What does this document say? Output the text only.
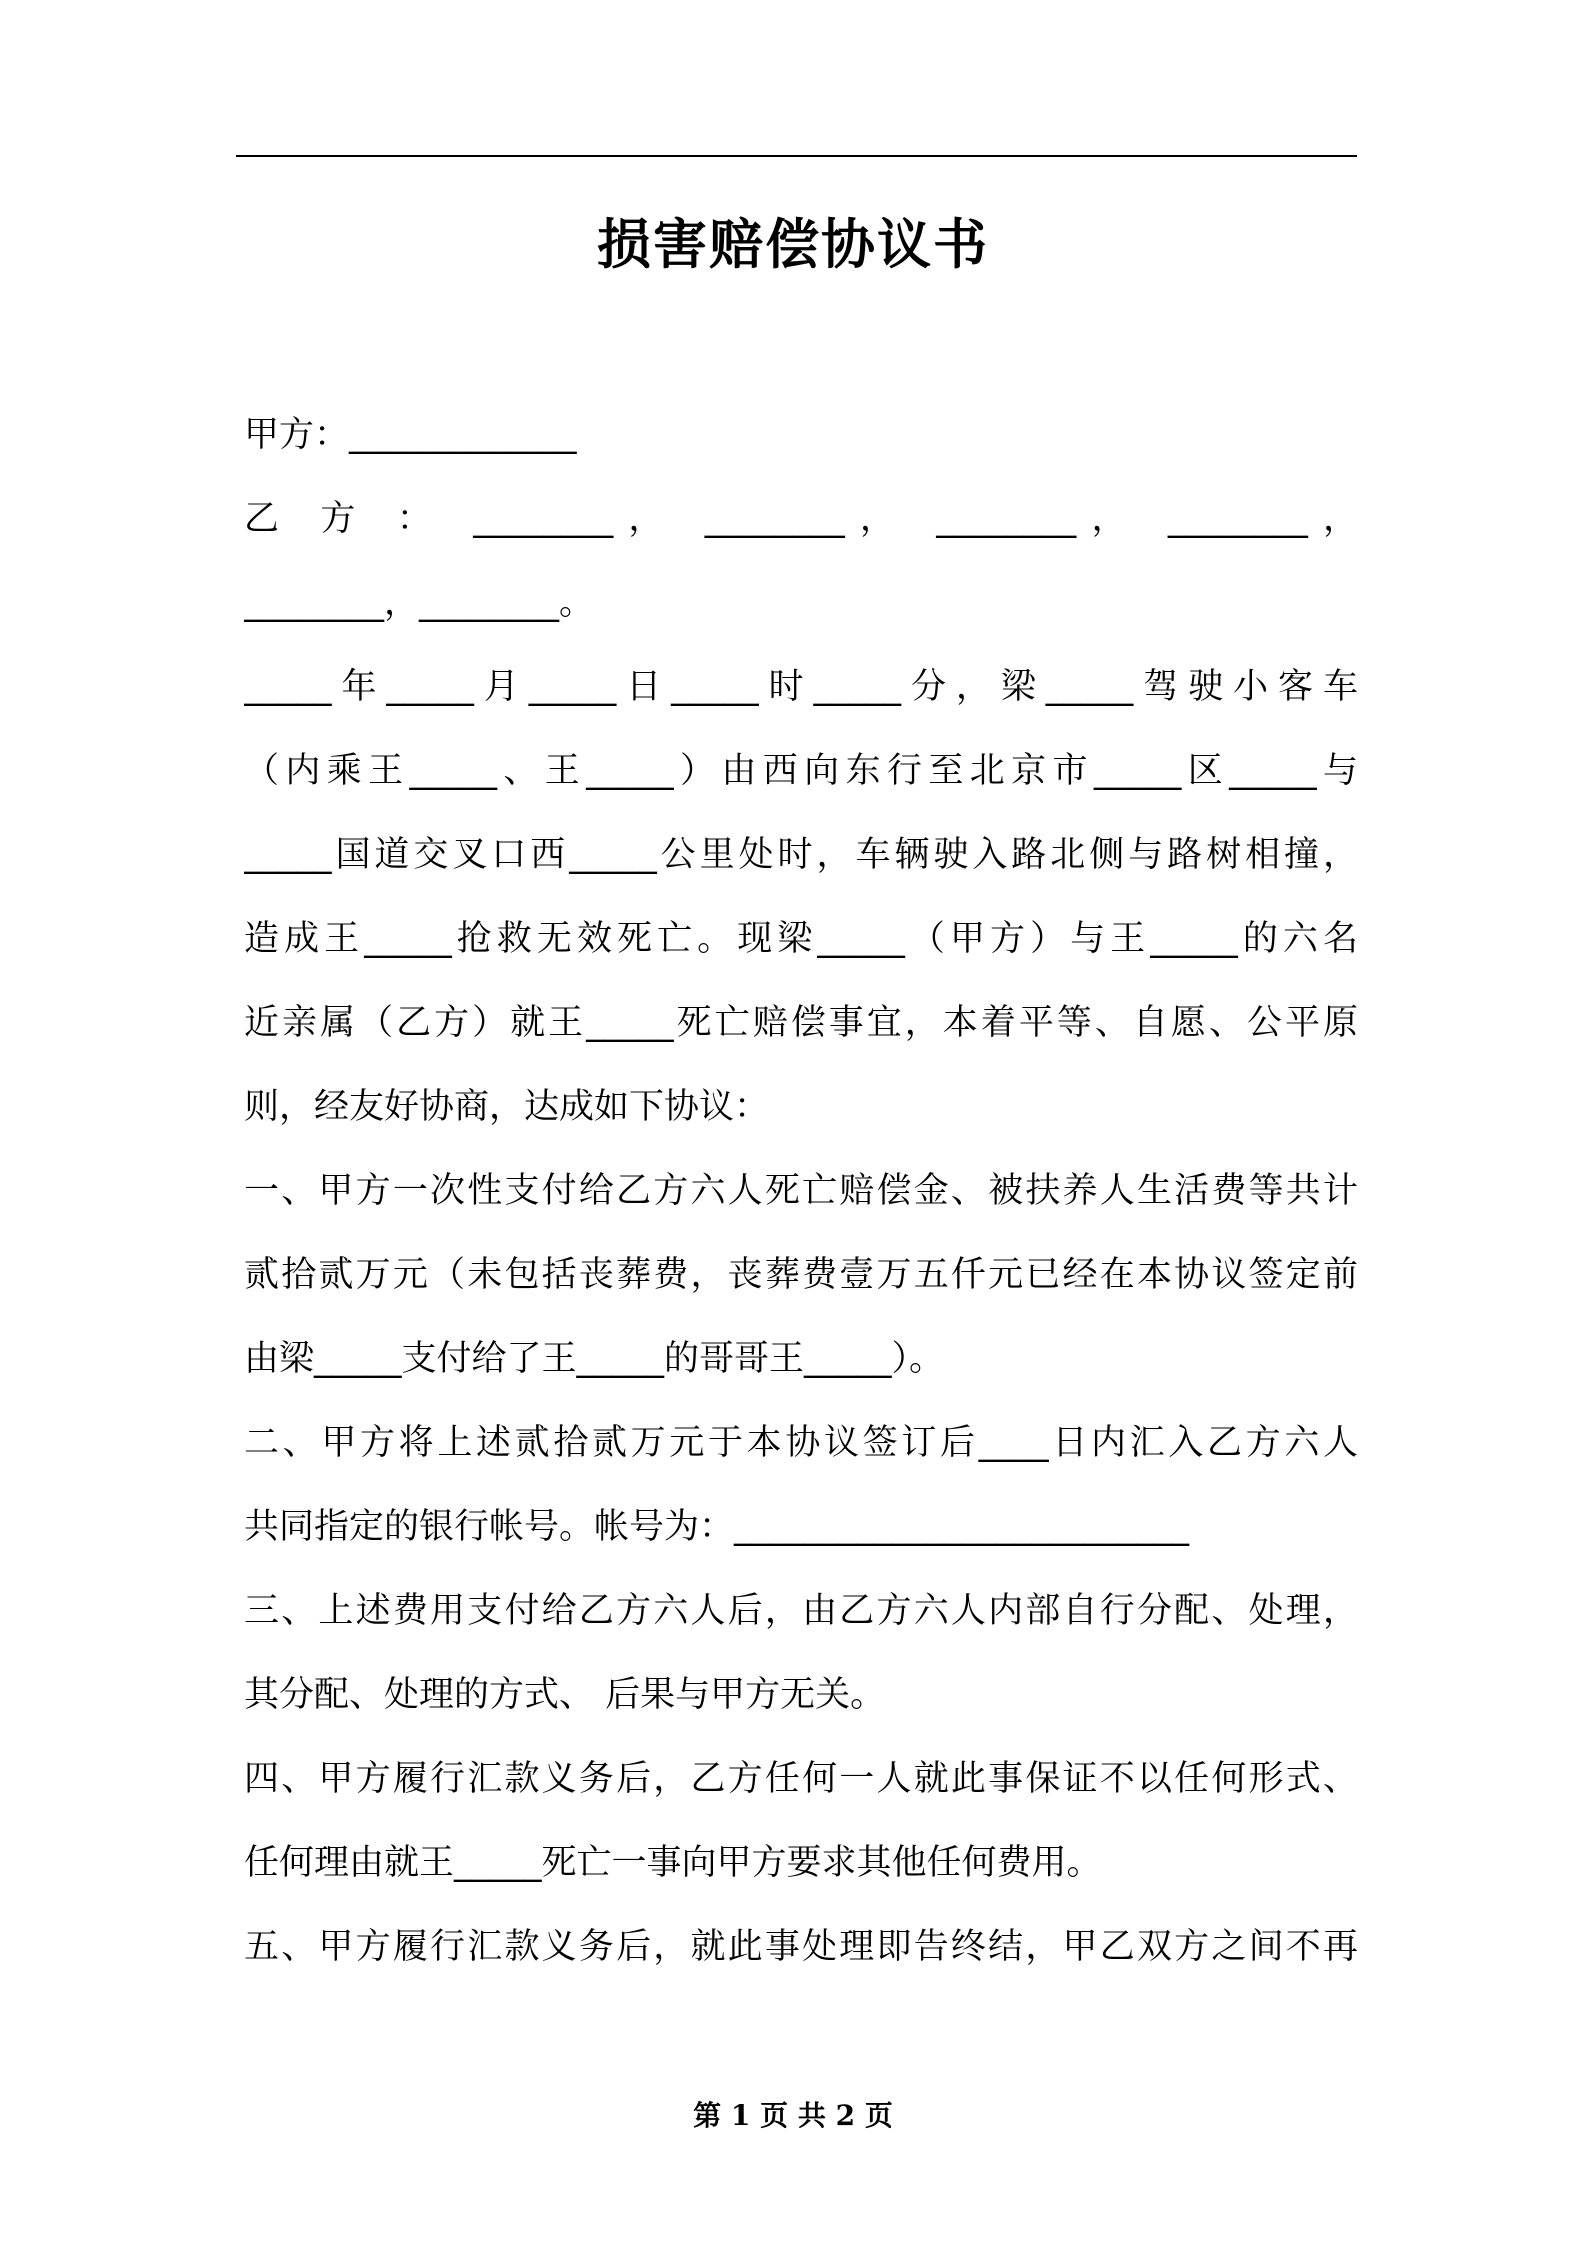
损害赔偿协议书
甲方：_____________
乙 方 ： ________， ________， ________， ________，
________，________。
_____年_____月_____日_____时_____分，梁_____驾驶小客车
（内乘王_____、王_____）由西向东行至北京市_____区_____与
_____国道交叉口西_____公里处时，车辆驶入路北侧与路树相撞，
造成王_____抢救无效死亡。现梁_____（甲方）与王_____的六名
近亲属（乙方）就王_____死亡赔偿事宜，本着平等、自愿、公平原
则，经友好协商，达成如下协议：
一、甲方一次性支付给乙方六人死亡赔偿金、被扶养人生活费等共计
贰拾贰万元（未包括丧葬费，丧葬费壹万五仟元已经在本协议签定前
由梁_____支付给了王_____的哥哥王_____）。
二、甲方将上述贰拾贰万元于本协议签订后____日内汇入乙方六人
共同指定的银行帐号。帐号为：__________________________
三、上述费用支付给乙方六人后，由乙方六人内部自行分配、处理，
其分配、处理的方式、 后果与甲方无关。
四、甲方履行汇款义务后，乙方任何一人就此事保证不以任何形式、
任何理由就王_____死亡一事向甲方要求其他任何费用。
五、甲方履行汇款义务后，就此事处理即告终结，甲乙双方之间不再
第 1 页 共 2 页
